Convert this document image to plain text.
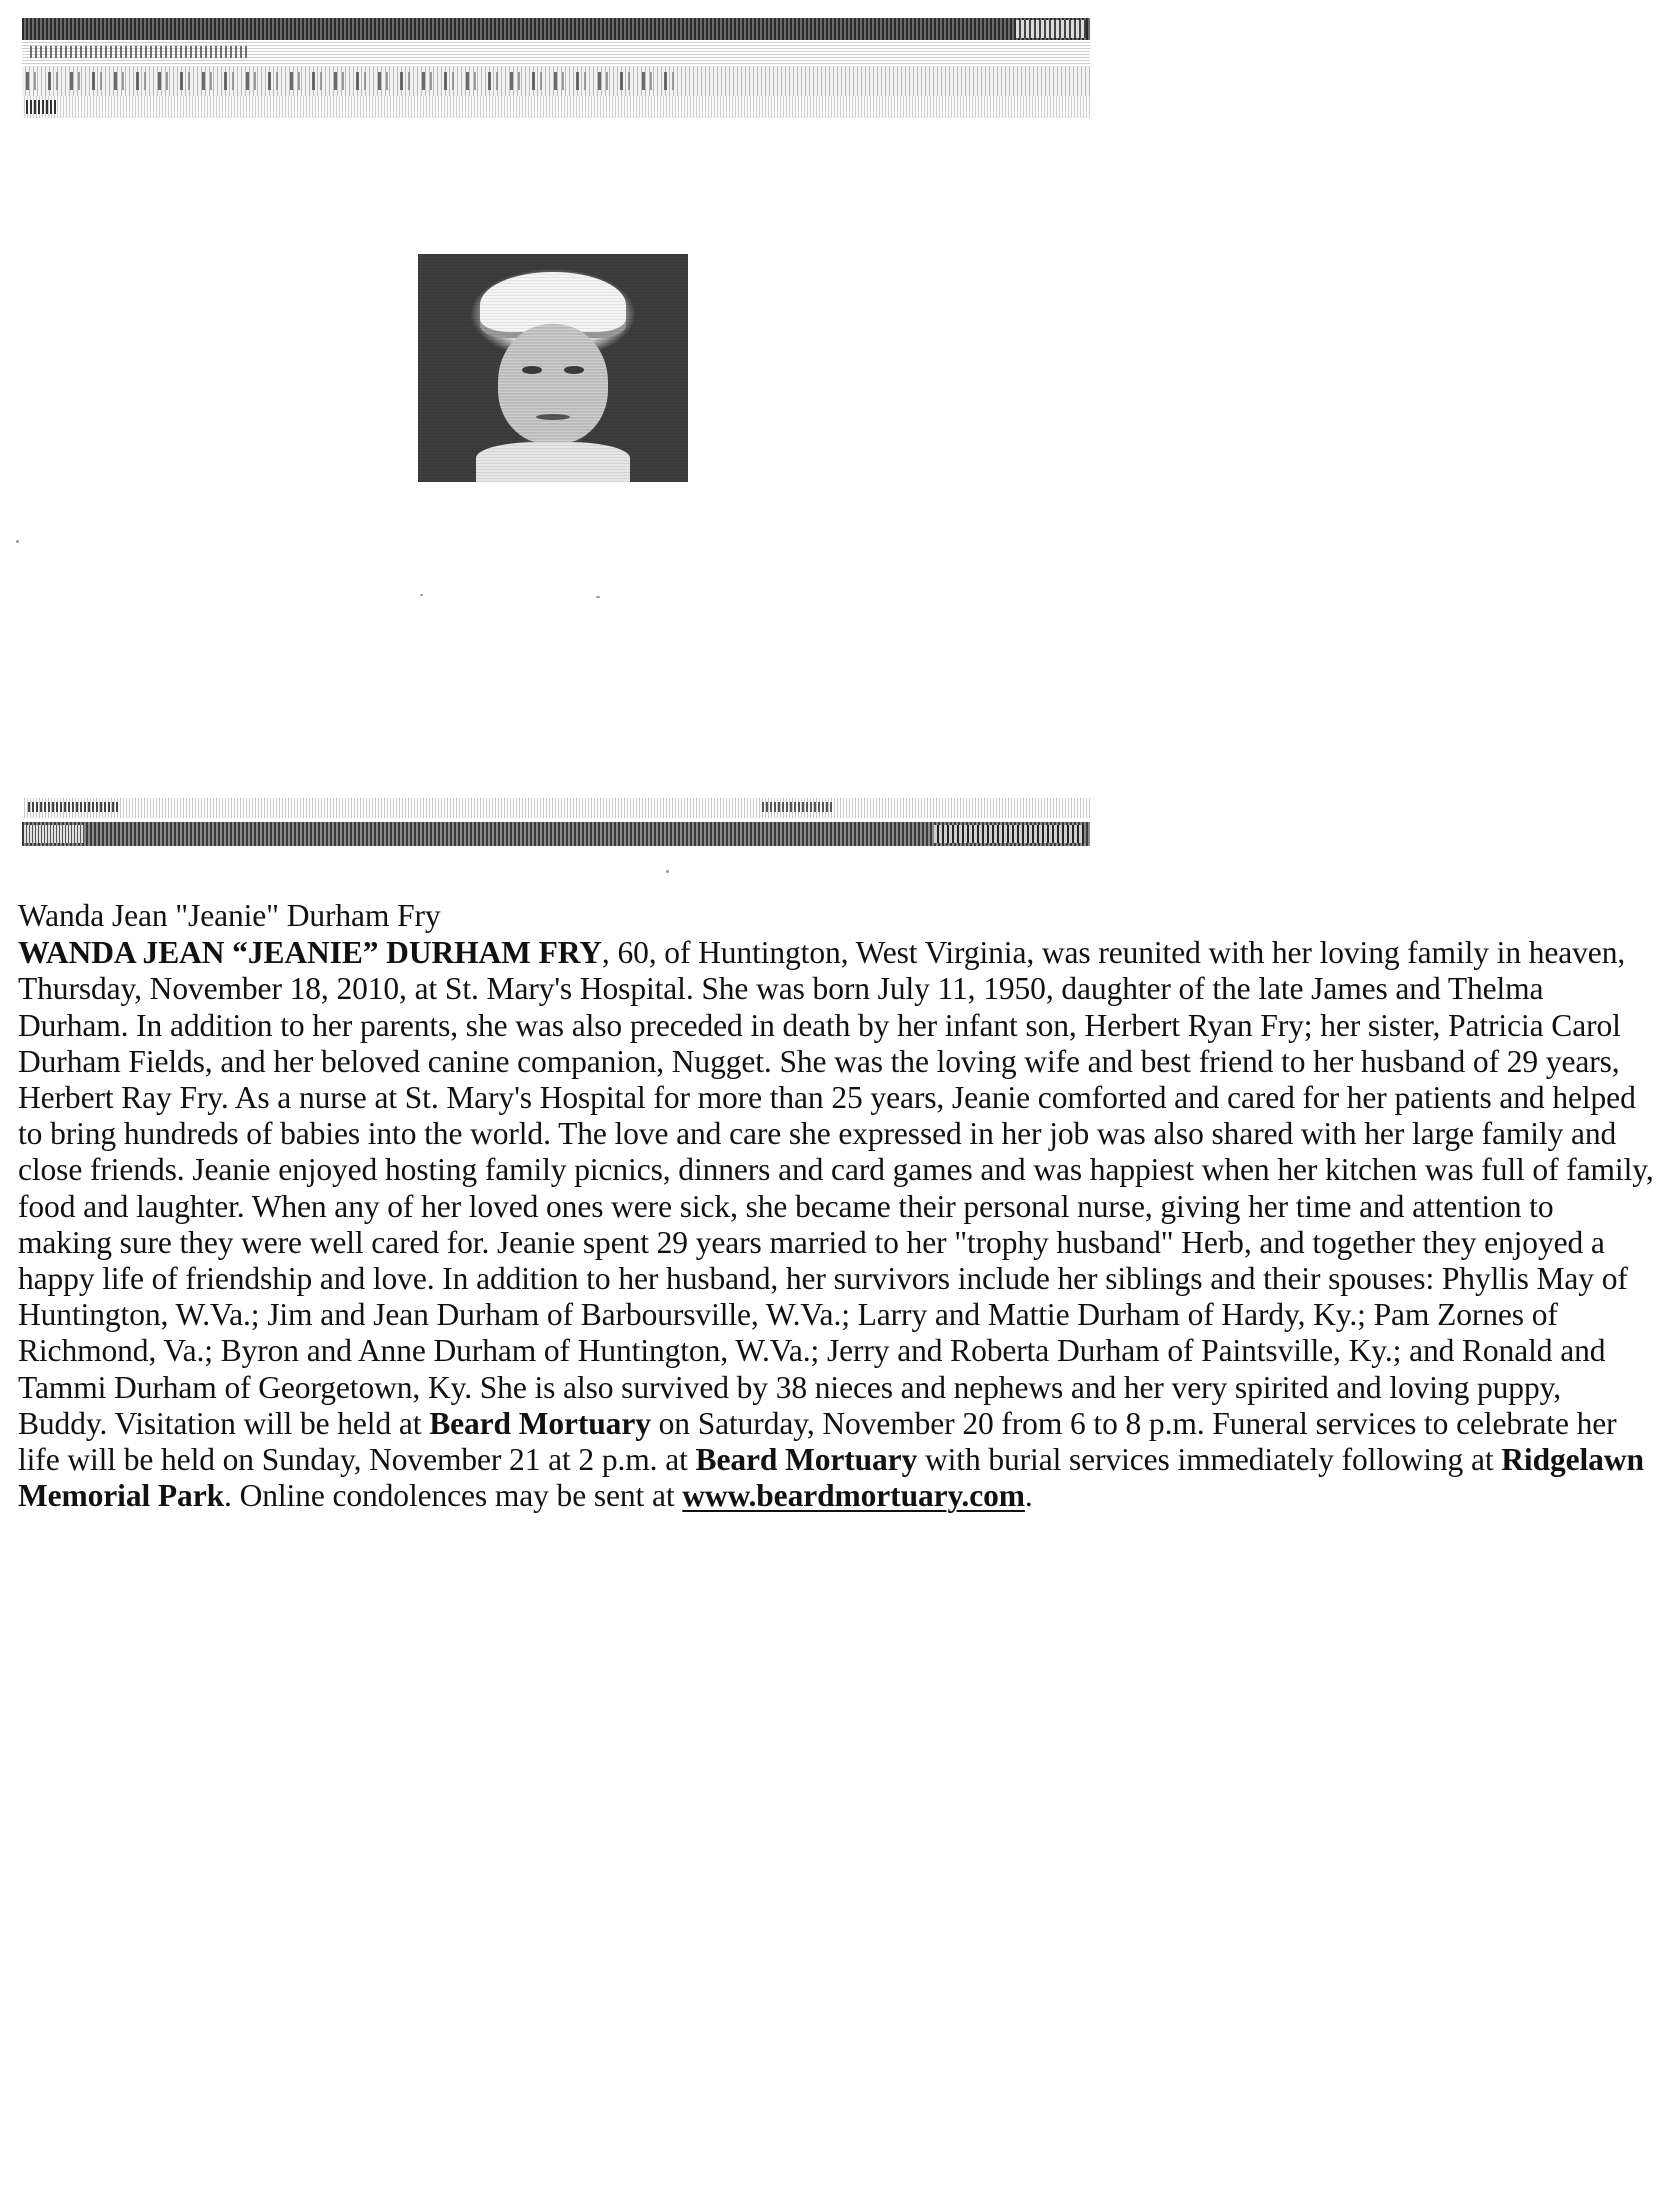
Wanda Jean "Jeanie" Durham Fry

WANDA JEAN “JEANIE” DURHAM FRY, 60, of Huntington, West Virginia, was reunited with her loving family in heaven, Thursday, November 18, 2010, at St. Mary's Hospital. She was born July 11, 1950, daughter of the late James and Thelma Durham. In addition to her parents, she was also preceded in death by her infant son, Herbert Ryan Fry; her sister, Patricia Carol Durham Fields, and her beloved canine companion, Nugget. She was the loving wife and best friend to her husband of 29 years, Herbert Ray Fry. As a nurse at St. Mary's Hospital for more than 25 years, Jeanie comforted and cared for her patients and helped to bring hundreds of babies into the world. The love and care she expressed in her job was also shared with her large family and close friends. Jeanie enjoyed hosting family picnics, dinners and card games and was happiest when her kitchen was full of family, food and laughter. When any of her loved ones were sick, she became their personal nurse, giving her time and attention to making sure they were well cared for. Jeanie spent 29 years married to her "trophy husband" Herb, and together they enjoyed a happy life of friendship and love. In addition to her husband, her survivors include her siblings and their spouses: Phyllis May of Huntington, W.Va.; Jim and Jean Durham of Barboursville, W.Va.; Larry and Mattie Durham of Hardy, Ky.; Pam Zornes of Richmond, Va.; Byron and Anne Durham of Huntington, W.Va.; Jerry and Roberta Durham of Paintsville, Ky.; and Ronald and Tammi Durham of Georgetown, Ky. She is also survived by 38 nieces and nephews and her very spirited and loving puppy, Buddy. Visitation will be held at Beard Mortuary on Saturday, November 20 from 6 to 8 p.m. Funeral services to celebrate her life will be held on Sunday, November 21 at 2 p.m. at Beard Mortuary with burial services immediately following at Ridgelawn Memorial Park. Online condolences may be sent at www.beardmortuary.com.
